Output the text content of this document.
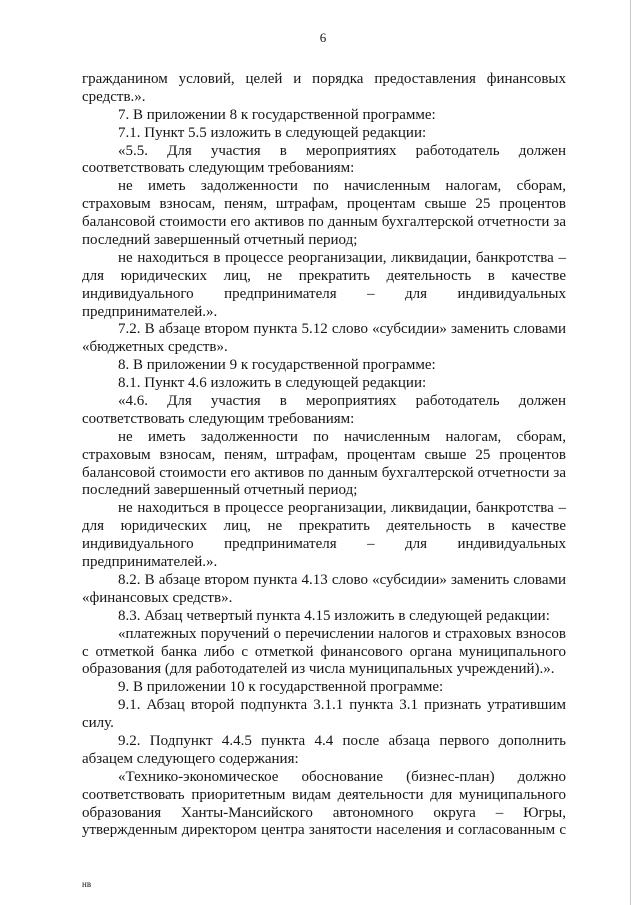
6
гражданином условий, целей и порядка предоставления финансовых
средств.».
7. В приложении 8 к государственной программе:
7.1. Пункт 5.5 изложить в следующей редакции:
«5.5. Для участия в мероприятиях работодатель должен
соответствовать следующим требованиям:
не иметь задолженности по начисленным налогам, сборам,
страховым взносам, пеням, штрафам, процентам свыше 25 процентов
балансовой стоимости его активов по данным бухгалтерской отчетности за
последний завершенный отчетный период;
не находиться в процессе реорганизации, ликвидации, банкротства –
для юридических лиц, не прекратить деятельность в качестве
индивидуального предпринимателя – для индивидуальных
предпринимателей.».
7.2. В абзаце втором пункта 5.12 слово «субсидии» заменить словами
«бюджетных средств».
8. В приложении 9 к государственной программе:
8.1. Пункт 4.6 изложить в следующей редакции:
«4.6. Для участия в мероприятиях работодатель должен
соответствовать следующим требованиям:
не иметь задолженности по начисленным налогам, сборам,
страховым взносам, пеням, штрафам, процентам свыше 25 процентов
балансовой стоимости его активов по данным бухгалтерской отчетности за
последний завершенный отчетный период;
не находиться в процессе реорганизации, ликвидации, банкротства –
для юридических лиц, не прекратить деятельность в качестве
индивидуального предпринимателя – для индивидуальных
предпринимателей.».
8.2. В абзаце втором пункта 4.13 слово «субсидии» заменить словами
«финансовых средств».
8.3. Абзац четвертый пункта 4.15 изложить в следующей редакции:
«платежных поручений о перечислении налогов и страховых взносов
с отметкой банка либо с отметкой финансового органа муниципального
образования (для работодателей из числа муниципальных учреждений).».
9. В приложении 10 к государственной программе:
9.1. Абзац второй подпункта 3.1.1 пункта 3.1 признать утратившим
силу.
9.2. Подпункт 4.4.5 пункта 4.4 после абзаца первого дополнить
абзацем следующего содержания:
«Технико-экономическое обоснование (бизнес-план) должно
соответствовать приоритетным видам деятельности для муниципального
образования Ханты-Мансийского автономного округа – Югры,
утвержденным директором центра занятости населения и согласованным с
нв
